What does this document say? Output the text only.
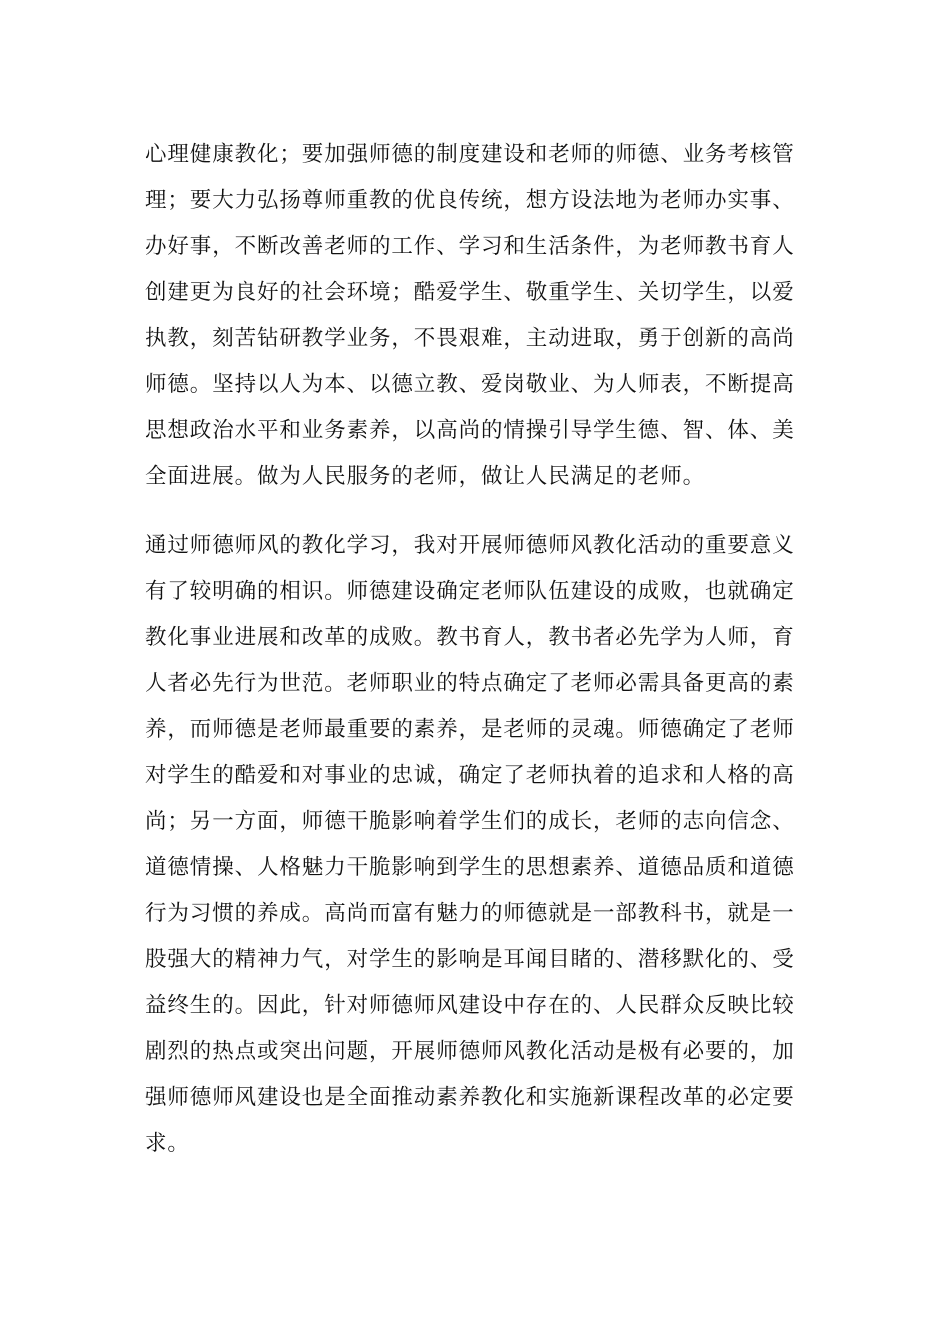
心理健康教化；要加强师德的制度建设和老师的师德、业务考核管
理；要大力弘扬尊师重教的优良传统，想方设法地为老师办实事、
办好事，不断改善老师的工作、学习和生活条件，为老师教书育人
创建更为良好的社会环境；酷爱学生、敬重学生、关切学生，以爱
执教，刻苦钻研教学业务，不畏艰难，主动进取，勇于创新的高尚
师德。坚持以人为本、以德立教、爱岗敬业、为人师表，不断提高
思想政治水平和业务素养，以高尚的情操引导学生德、智、体、美
全面进展。做为人民服务的老师，做让人民满足的老师。
通过师德师风的教化学习，我对开展师德师风教化活动的重要意义
有了较明确的相识。师德建设确定老师队伍建设的成败，也就确定
教化事业进展和改革的成败。教书育人，教书者必先学为人师，育
人者必先行为世范。老师职业的特点确定了老师必需具备更高的素
养，而师德是老师最重要的素养，是老师的灵魂。师德确定了老师
对学生的酷爱和对事业的忠诚，确定了老师执着的追求和人格的高
尚；另一方面，师德干脆影响着学生们的成长，老师的志向信念、
道德情操、人格魅力干脆影响到学生的思想素养、道德品质和道德
行为习惯的养成。高尚而富有魅力的师德就是一部教科书，就是一
股强大的精神力气，对学生的影响是耳闻目睹的、潜移默化的、受
益终生的。因此，针对师德师风建设中存在的、人民群众反映比较
剧烈的热点或突出问题，开展师德师风教化活动是极有必要的，加
强师德师风建设也是全面推动素养教化和实施新课程改革的必定要
求。
